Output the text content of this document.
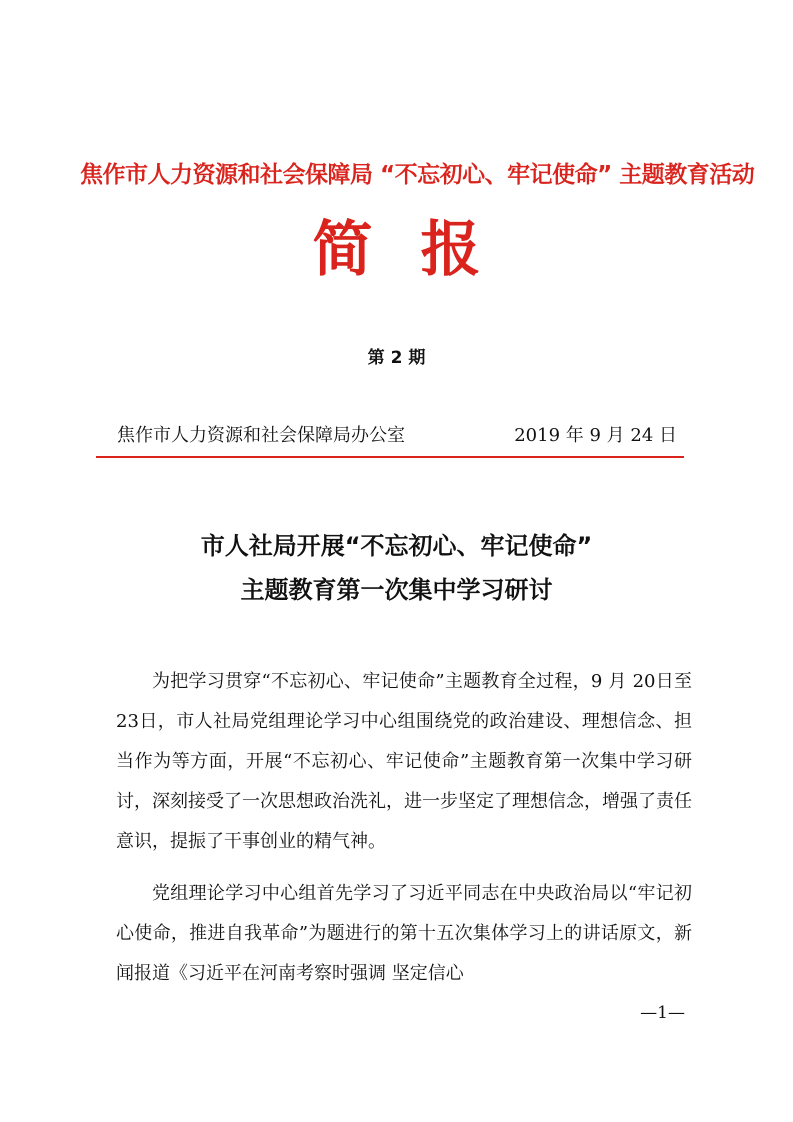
焦作市人力资源和社会保障局 “不忘初心、牢记使命” 主题教育活动
简报
第 2 期
焦作市人力资源和社会保障局办公室	2019 年 9 月 24 日
市人社局开展“不忘初心、牢记使命”
主题教育第一次集中学习研讨

为把学习贯穿“不忘初心、牢记使命”主题教育全过程，9 月 20日至23日，市人社局党组理论学习中心组围绕党的政治建设、理想信念、担当作为等方面，开展“不忘初心、牢记使命”主题教育第一次集中学习研讨，深刻接受了一次思想政治洗礼，进一步坚定了理想信念，增强了责任意识，提振了干事创业的精气神。

党组理论学习中心组首先学习了习近平同志在中央政治局以“牢记初心使命，推进自我革命”为题进行的第十五次集体学习上的讲话原文，新闻报道《习近平在河南考察时强调 坚定信心

—1—
